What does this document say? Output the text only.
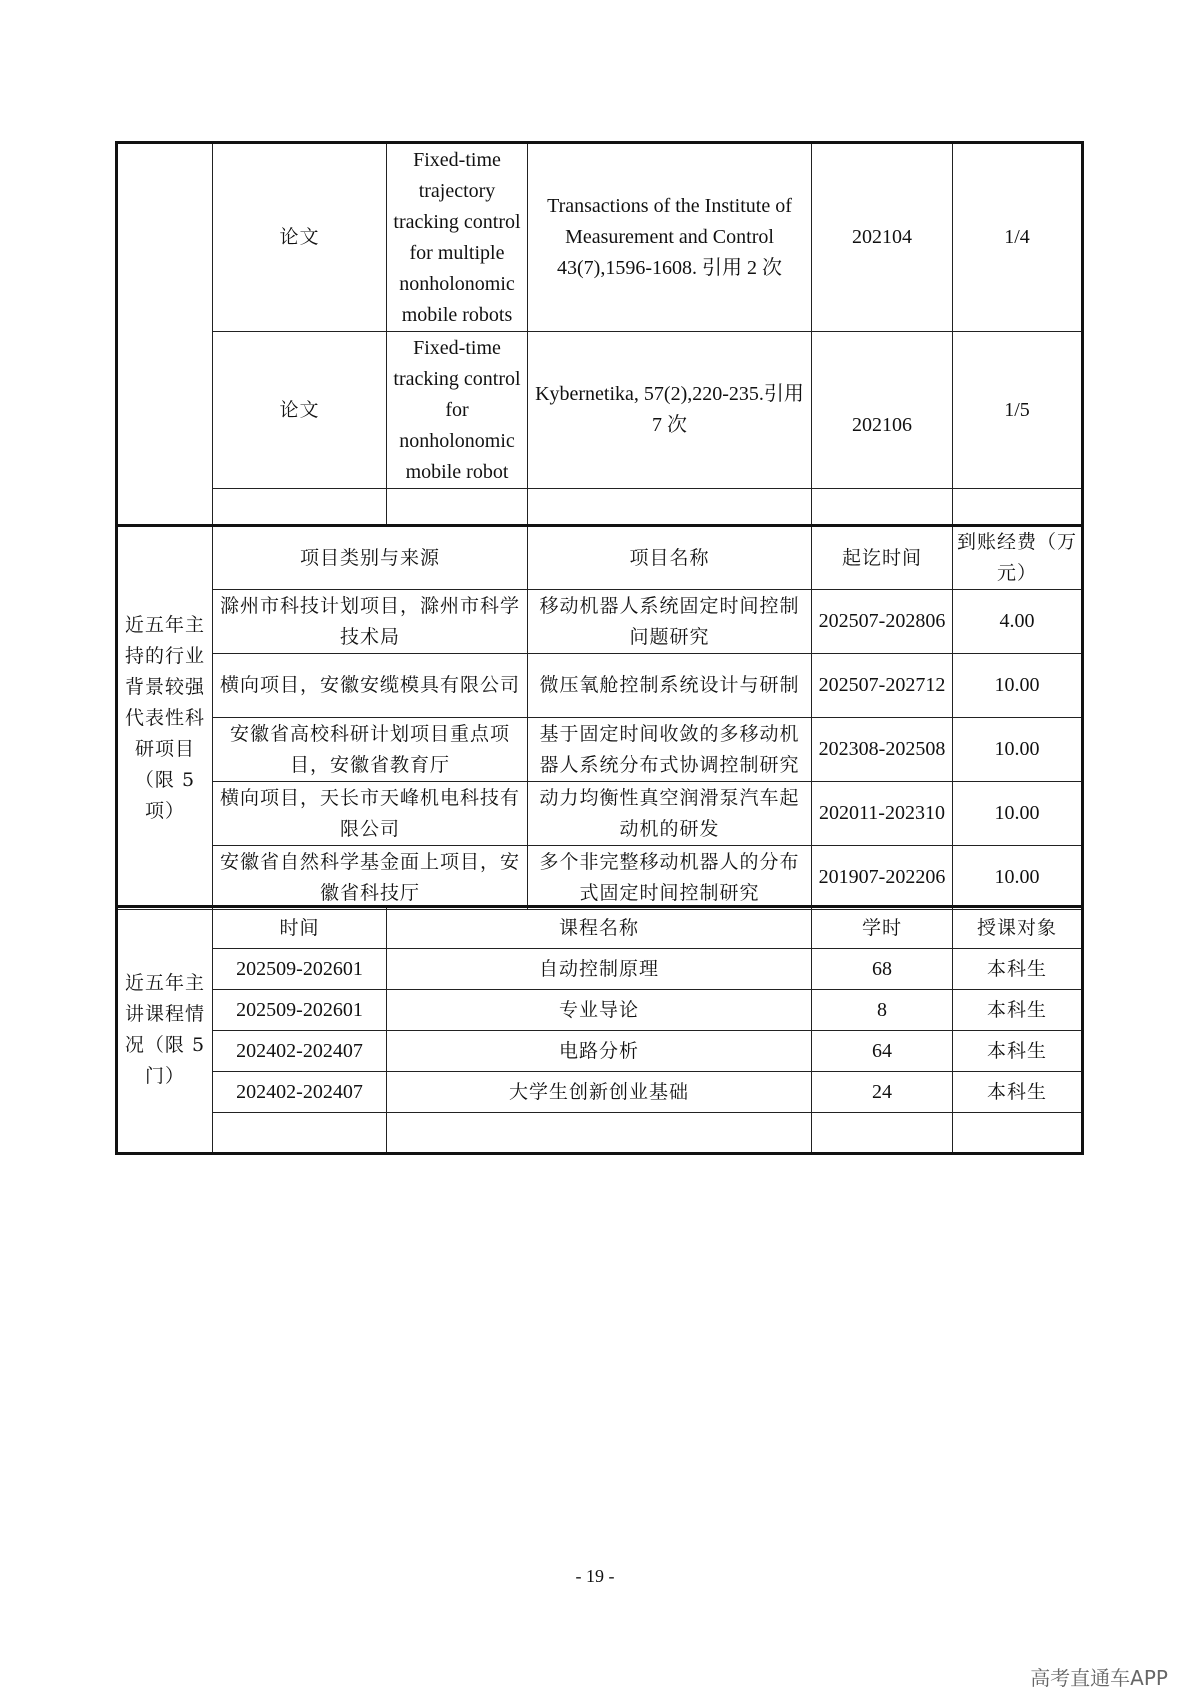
	论文	Fixed-time trajectory tracking control for multiple nonholonomic mobile robots	Transactions of the Institute of Measurement and Control 43(7),1596-1608. 引用 2 次	202104	1/4
	论文	Fixed-time tracking control for nonholonomic mobile robot	Kybernetika, 57(2),220-235.引用 7 次	202106	1/5

近五年主持的行业背景较强代表性科研项目（限 5 项）	项目类别与来源	项目名称	起讫时间	到账经费（万元）
	滁州市科技计划项目，滁州市科学技术局	移动机器人系统固定时间控制问题研究	202507-202806	4.00
	横向项目，安徽安缆模具有限公司	微压氧舱控制系统设计与研制	202507-202712	10.00
	安徽省高校科研计划项目重点项目，安徽省教育厅	基于固定时间收敛的多移动机器人系统分布式协调控制研究	202308-202508	10.00
	横向项目，天长市天峰机电科技有限公司	动力均衡性真空润滑泵汽车起动机的研发	202011-202310	10.00
	安徽省自然科学基金面上项目，安徽省科技厅	多个非完整移动机器人的分布式固定时间控制研究	201907-202206	10.00
近五年主讲课程情况（限 5 门）	时间	课程名称	学时	授课对象
	202509-202601	自动控制原理	68	本科生
	202509-202601	专业导论	8	本科生
	202402-202407	电路分析	64	本科生
	202402-202407	大学生创新创业基础	24	本科生

- 19 -
高考直通车APP
